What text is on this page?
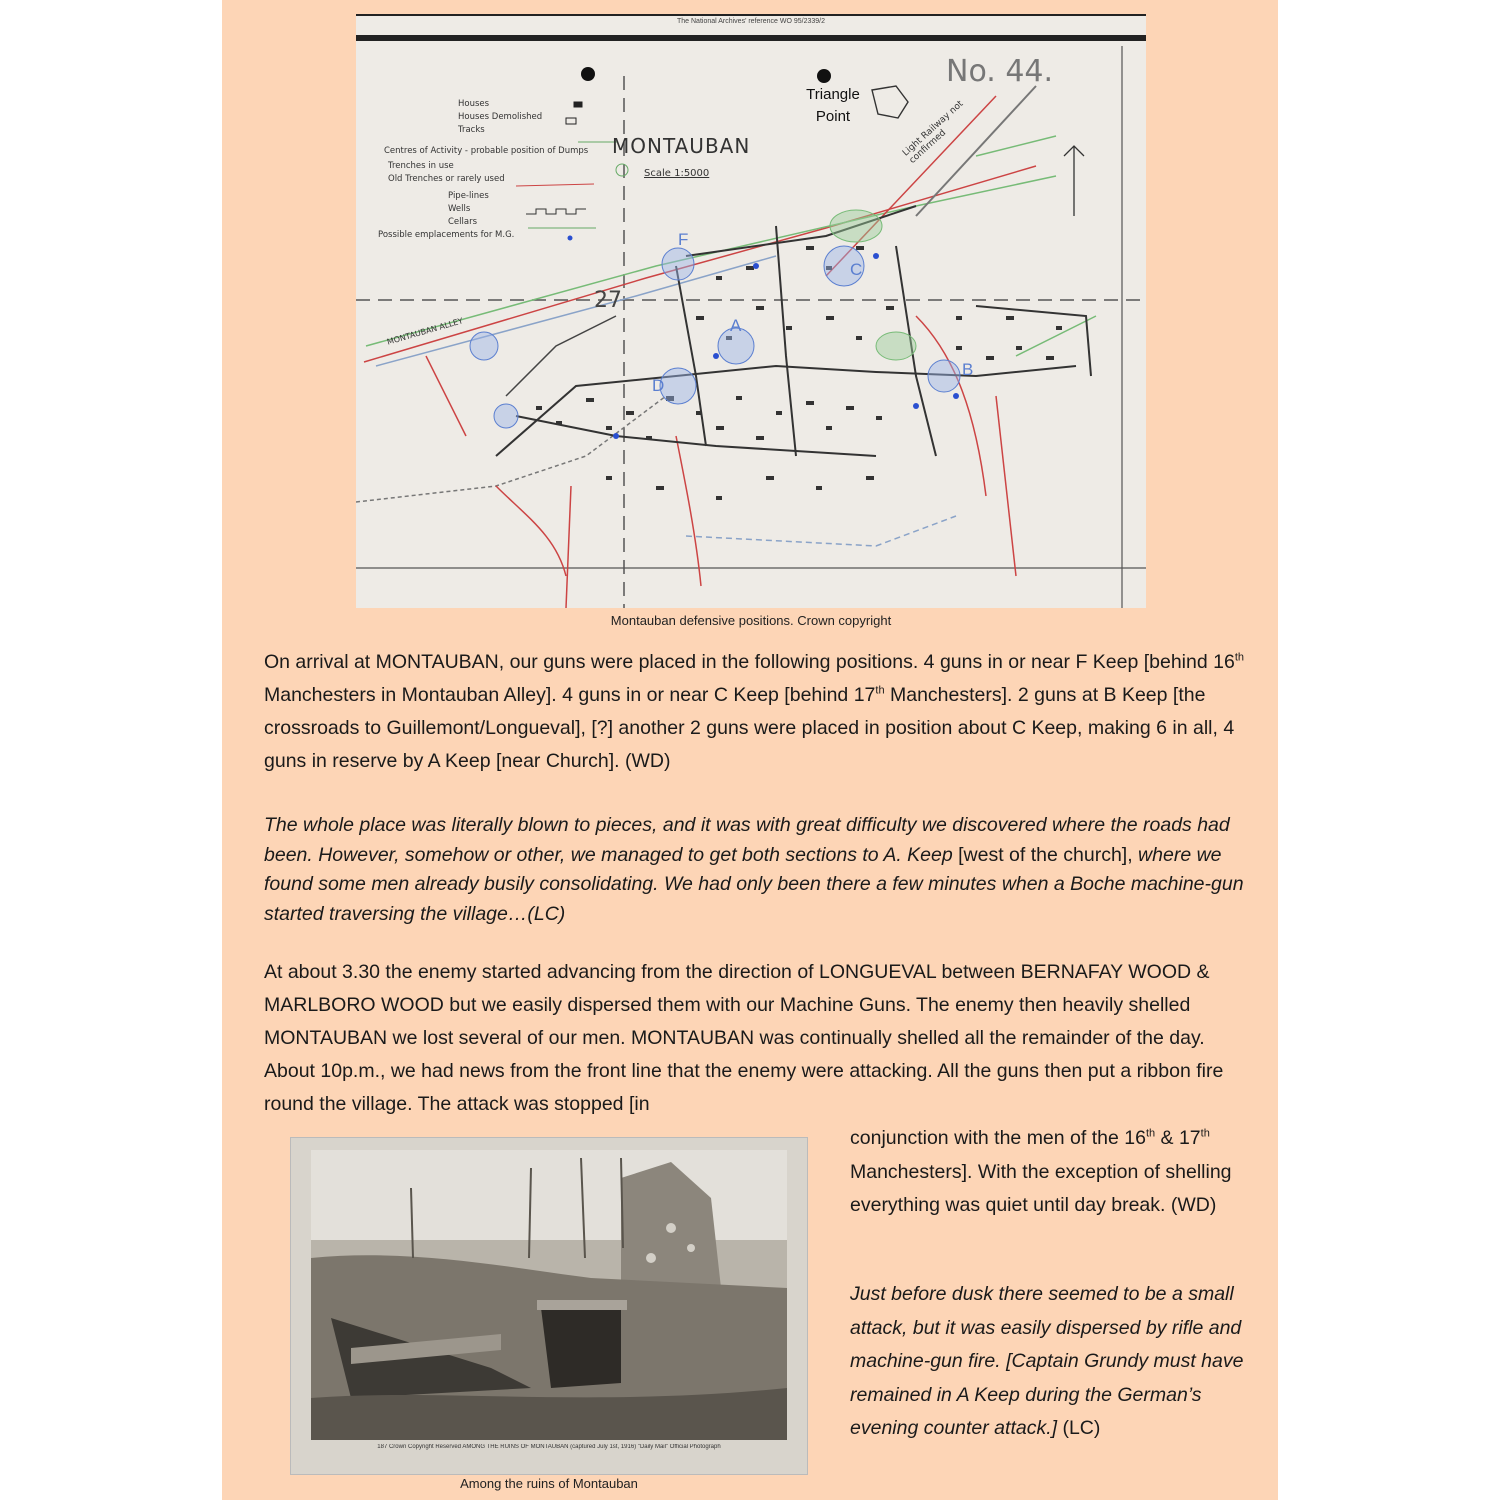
The National Archives' reference WO 95/2339/2
No. 44.
MONTAUBAN
Scale 1:5000
Triangle Point
Houses
Houses Demolished
Tracks
Centres of Activity - probable position of Dumps
Trenches in use
Old Trenches or rarely used
Pipe-lines
Wells
Cellars
Possible emplacements for M.G.
Light Railway not confirmed
27
MONTAUBAN ALLEY	A
B
C
D
F
Montauban defensive positions. Crown copyright

On arrival at MONTAUBAN, our guns were placed in the following positions. 4 guns in or near F Keep [behind 16th Manchesters in Montauban Alley]. 4 guns in or near C Keep [behind 17th Manchesters]. 2 guns at B Keep [the crossroads to Guillemont/Longueval], [?] another 2 guns were placed in position about C Keep, making 6 in all, 4 guns in reserve by A Keep [near Church]. (WD)

The whole place was literally blown to pieces, and it was with great difficulty we discovered where the roads had been. However, somehow or other, we managed to get both sections to A. Keep [west of the church], where we found some men already busily consolidating. We had only been there a few minutes when a Boche machine-gun started traversing the village…(LC)

At about 3.30 the enemy started advancing from the direction of LONGUEVAL between BERNAFAY WOOD & MARLBORO WOOD but we easily dispersed them with our Machine Guns. The enemy then heavily shelled MONTAUBAN we lost several of our men. MONTAUBAN was continually shelled all the remainder of the day. About 10p.m., we had news from the front line that the enemy were attacking. All the guns then put a ribbon fire round the village. The attack was stopped [in

187 Crown Copyright Reserved AMONG THE RUINS OF MONTAUBAN (captured July 1st, 1916) "Daily Mail" Official Photograph
Among the ruins of Montauban

conjunction with the men of the 16th & 17th Manchesters]. With the exception of shelling everything was quiet until day break. (WD)

Just before dusk there seemed to be a small attack, but it was easily dispersed by rifle and machine-gun fire. [Captain Grundy must have remained in A Keep during the German’s evening counter attack.] (LC)
